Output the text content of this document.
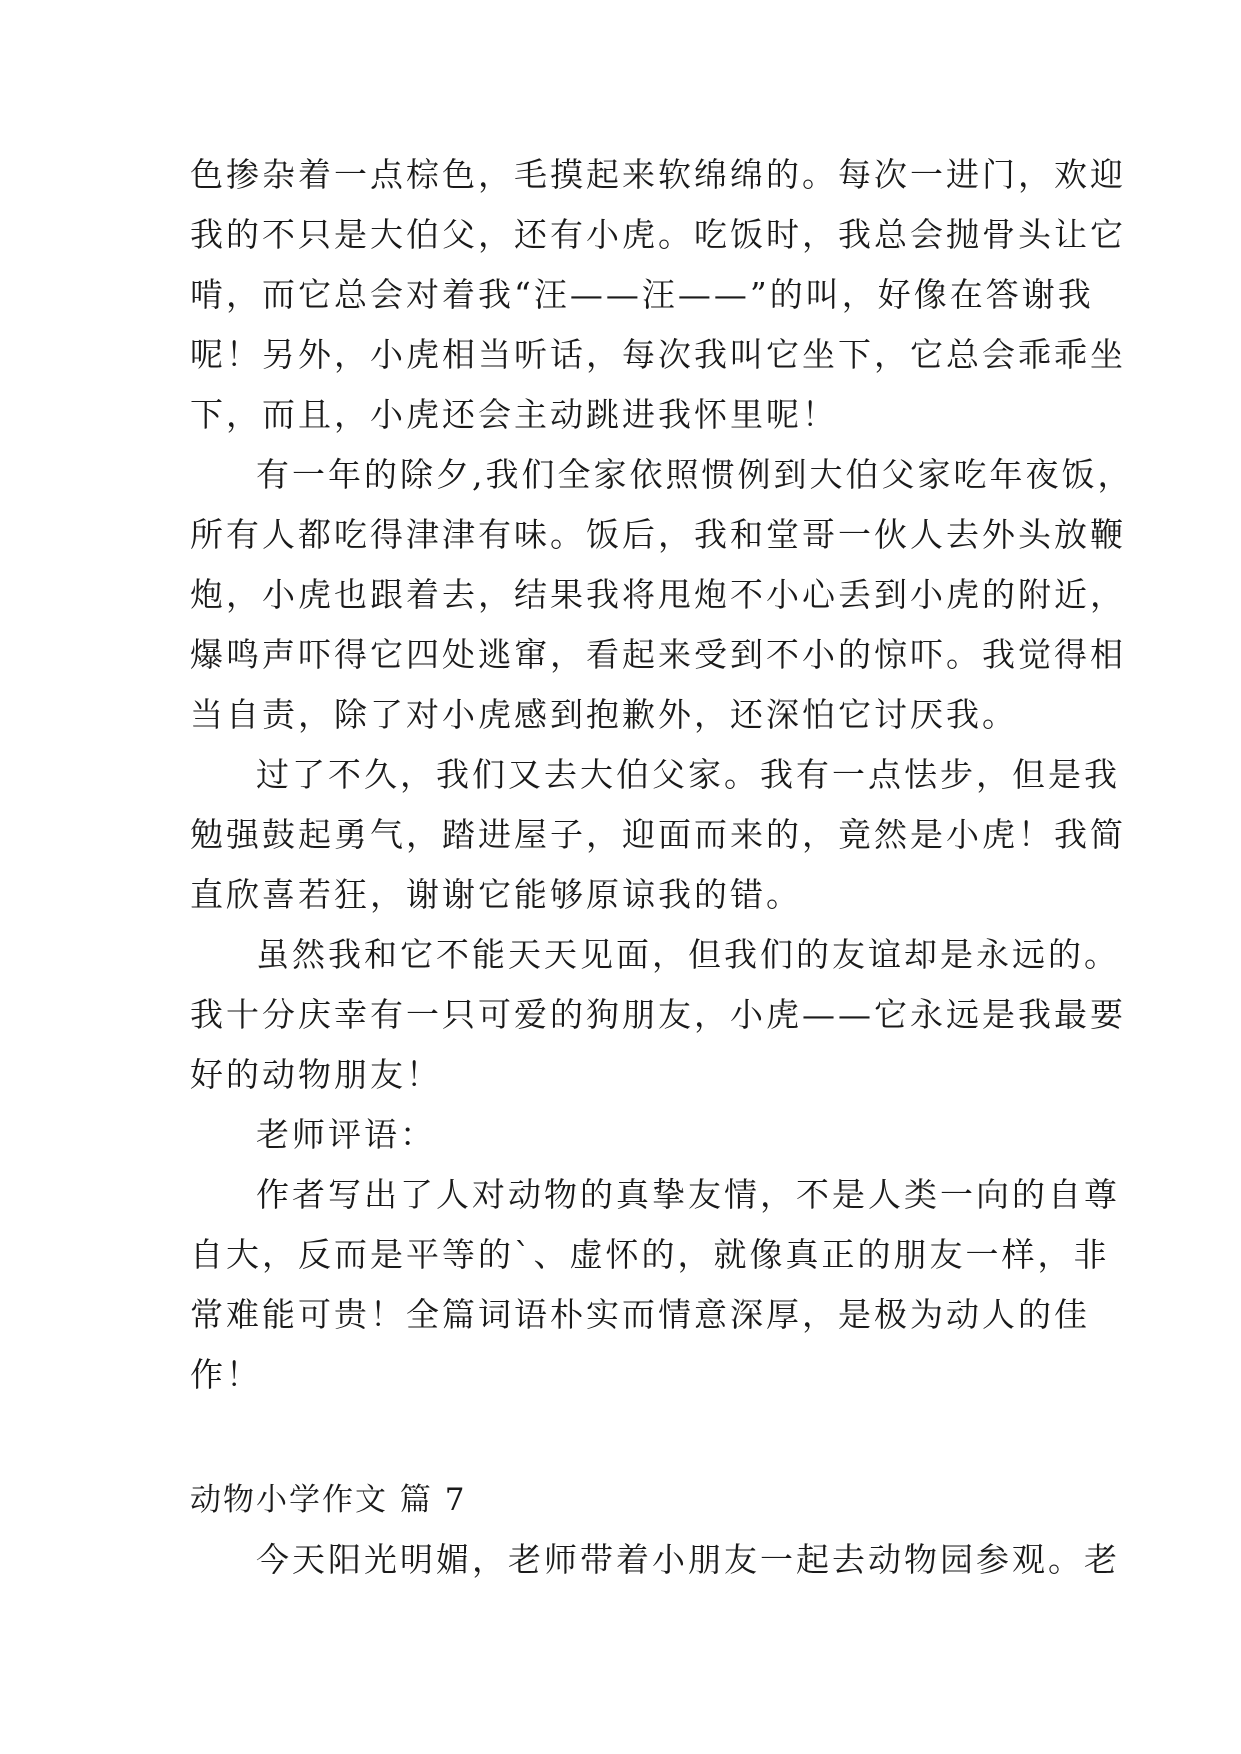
色掺杂着一点棕色，毛摸起来软绵绵的。每次一进门，欢迎
我的不只是大伯父，还有小虎。吃饭时，我总会抛骨头让它
啃，而它总会对着我“汪——汪——”的叫，好像在答谢我
呢！另外，小虎相当听话，每次我叫它坐下，它总会乖乖坐
下，而且，小虎还会主动跳进我怀里呢！
有一年的除夕,我们全家依照惯例到大伯父家吃年夜饭，
所有人都吃得津津有味。饭后，我和堂哥一伙人去外头放鞭
炮，小虎也跟着去，结果我将甩炮不小心丢到小虎的附近，
爆鸣声吓得它四处逃窜，看起来受到不小的惊吓。我觉得相
当自责，除了对小虎感到抱歉外，还深怕它讨厌我。
过了不久，我们又去大伯父家。我有一点怯步，但是我
勉强鼓起勇气，踏进屋子，迎面而来的，竟然是小虎！我简
直欣喜若狂，谢谢它能够原谅我的错。
虽然我和它不能天天见面，但我们的友谊却是永远的。
我十分庆幸有一只可爱的狗朋友，小虎——它永远是我最要
好的动物朋友！
老师评语：
作者写出了人对动物的真挚友情，不是人类一向的自尊
自大，反而是平等的`、虚怀的，就像真正的朋友一样，非
常难能可贵！全篇词语朴实而情意深厚，是极为动人的佳
作！
动物小学作文 篇 7
今天阳光明媚，老师带着小朋友一起去动物园参观。老
